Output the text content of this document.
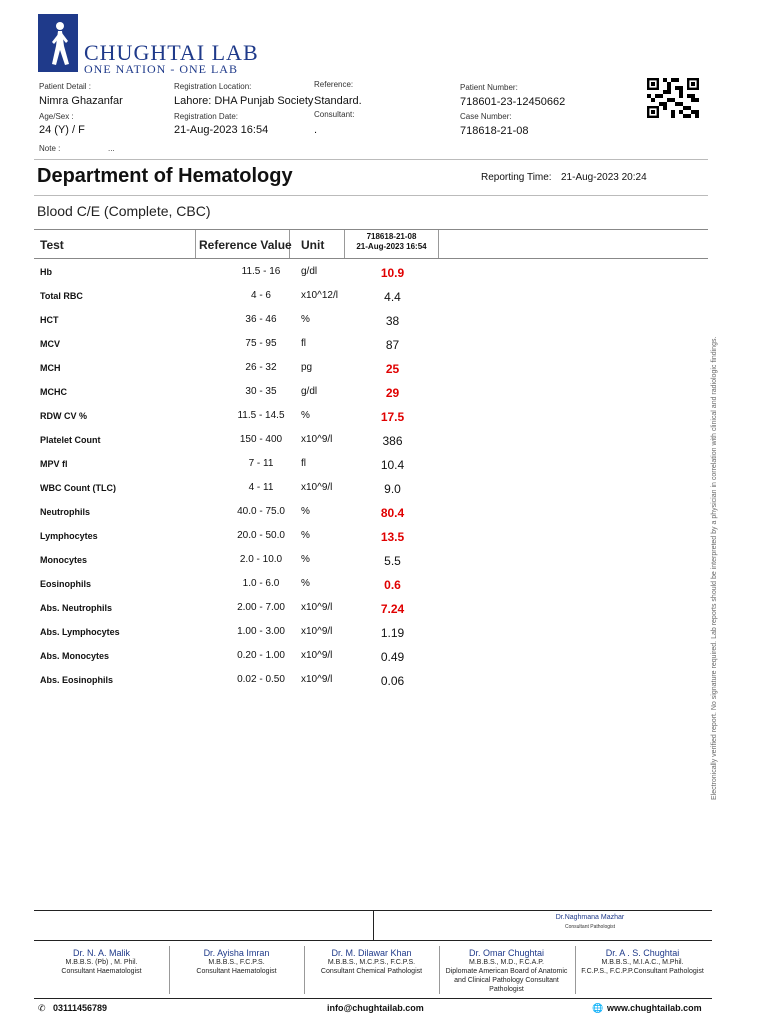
CHUGHTAI LAB
ONE NATION - ONE LAB
Patient Detail :
Nimra Ghazanfar
Age/Sex :
24 (Y) / F
Note :	...
Registration Location:
Lahore: DHA Punjab Society
Registration Date:
21-Aug-2023 16:54
Reference:
Standard.
Consultant:
.
Patient Number:
718601-23-12450662
Case Number:
718618-21-08
Department of Hematology	Reporting Time: 21-Aug-2023 20:24
Blood C/E (Complete, CBC)
Test	Reference Value Unit
718618-21-08
21-Aug-2023 16:54
Hb	11.5 - 16	g/dl	10.9
Total RBC	4 - 6	x10^12/l	4.4
HCT	36 - 46	%	38
MCV	75 - 95	fl	87
MCH	26 - 32	pg	25
MCHC	30 - 35	g/dl	29
RDW CV %	11.5 - 14.5	%	17.5
Platelet Count	150 - 400	x10^9/l	386
MPV fl	7 - 11	fl	10.4
WBC Count (TLC)	4 - 11	x10^9/l	9.0
Neutrophils	40.0 - 75.0	%	80.4
Lymphocytes	20.0 - 50.0	%	13.5
Monocytes	2.0 - 10.0	%	5.5
Eosinophils	1.0 - 6.0	%	0.6
Abs. Neutrophils	2.00 - 7.00	x10^9/l	7.24
Abs. Lymphocytes	1.00 - 3.00	x10^9/l	1.19
Abs. Monocytes	0.20 - 1.00	x10^9/l	0.49
Abs. Eosinophils	0.02 - 0.50	x10^9/l	0.06	Electronically verified report. No signature required. Lab reports should be interpreted by a physician in correlation with clinical and radiologic findings.
Dr.Naghmana Mazhar
Consultant Pathologist
Dr. N. A. Malik
M.B.B.S. (Pb) , M. Phil.
Consultant Haematologist
Dr. Ayisha Imran
M.B.B.S., F.C.P.S.
Consultant Haematologist
Dr. M. Dilawar Khan
M.B.B.S., M.C.P.S., F.C.P.S.
Consultant Chemical Pathologist
Dr. Omar Chughtai
M.B.B.S., M.D., F.C.A.P.
Diplomate American Board of Anatomic and Clinical Pathology Consultant Pathologist
Dr. A . S. Chughtai
M.B.B.S., M.I.A.C., M.Phil.
F.C.P.S., F.C.P.P.Consultant Pathologist
✆ 03111456789	info@chughtailab.com	🌐 www.chughtailab.com
